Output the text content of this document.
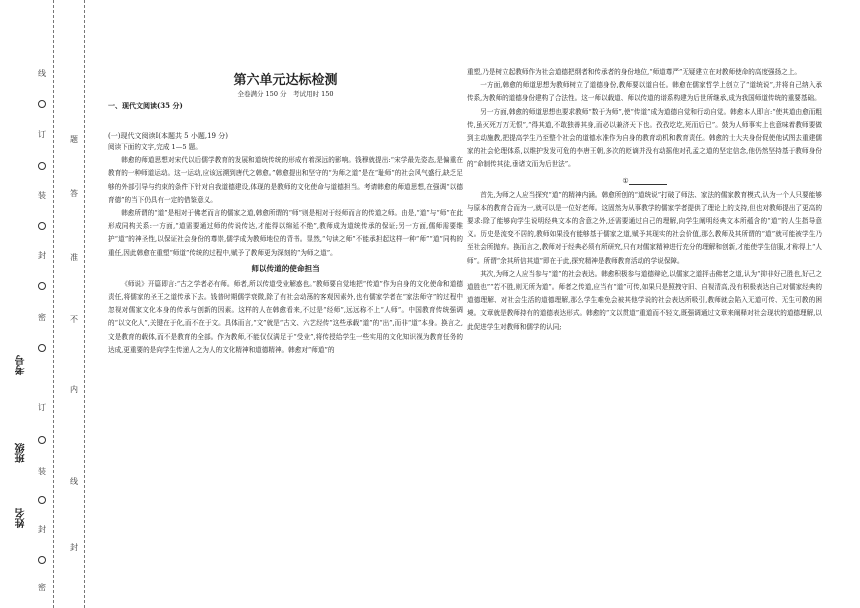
线
订
装
封
密
订
装
封
密
题
答
准
不
内
线
封
考号
班级
姓名
第六单元达标检测
全卷满分 150 分　考试用时 150
一、现代文阅读(35 分)
(一)现代文阅读Ⅰ(本题共 5 小题,19 分)

阅读下面的文字,完成 1—5 题。

韩愈的师道思想对宋代以后儒学教育的发展和道统传统的形成有着深远的影响。钱穆就提出:“宋学最先姿态,是偏重在教育的一种师道运动。这一运动,应该远溯到唐代之韩愈。”韩愈提出和坚守的“为师之道”是在“耻师”的社会风气盛行,缺乏足够的外部引导与约束的条件下针对自我道德建设,体现的是教师的文化使命与道德担当。考请韩愈的师道思想,在强调“以德育德”的当下仍具有一定的借鉴意义。

韩愈所谓的“道”是相对于佛老而言的儒家之道,韩愈所谓的“师”则是相对于经师而言的传道之师。由是,“道”与“师”在此形成同构关系:一方面,“道需要通过师的传说传达,才能得以绵延不绝”,教师成为道统传承的保证;另一方面,儒师需要维护“道”的神圣性,以保证社会身份的尊崇,儒学成为教师地位的背书。显然,“句读之师”不能承担起这样一种“师”“道”同构的重任,因此韩愈在重塑“师道”传统的过程中,赋予了教师更为深刻的“为师之道”。

师以传道的使命担当

《师说》开篇即言:“古之学者必有师。师者,所以传道受业解惑也。”教师要自觉地把“传道”作为自身的文化使命和道德责任,将儒家的圣王之道传承下去。钱普时期儒学衰微,除了有社会动荡的客观因素外,也有儒家学者在“家法师守”的过程中忽视对儒家文化本身的传承与创新的因素。这样的人在韩愈看来,不过是“经师”,远远称不上“人师”。中国教育传统强调的“以文化人”,关键在于化,而不在于文。具体而言,“文”就是“古文、六艺经传”这些承载“道”的“出”,而非“道”本身。换言之,文是教育的载体,而不是教育的全部。作为教师,不能仅仅满足于“受业”,将传授给学生一些实用的文化知识视为教育任务的达成,更重要的是向学生传递人之为人的文化精神和道德精神。韩愈对“师道”的

重塑,乃是树立起教师作为社会道德把纲者和传承者的身份地位,“师道尊严”无疑建立在对教师使命的高度强扬之上。

一方面,韩愈的师道思想为教师树立了道德身份,教师要以道自任。韩愈在儒家哲学上创立了“道统说”,并将自己纳入承传系,为教师的道德身份建构了合法性。这一师以载道、师以传道的谱系构建为后世所继承,成为我国师道传统的重要基础。

另一方面,韩愈的师道思想也要求教师“数于为师”,使“传道”成为道德自觉和行动自觉。韩愈本人即言:“使其道由愈而粗传,虽灭死万万无恨”,“得其道,不敢独善其身,而必以兼济天下也。孜孜圪圪,死而后已”。鼓为人师事实上也意味着教师要做到主动施教,把提高学生乃至整个社会的道德水准作为自身的教育动机和教育责任。韩愈的士大夫身份促使他试图去重建儒家的社会伦理体系,以维护发发可危的李唐王朝,多次的贬谪并没有动摇他对孔孟之道的坚定信念,他仍然坚持基于教师身份的“命制传其徒,垂诸文而为后世法”。

①

首先,为师之人应当探究“道”的精神内涵。韩愈所创的“道统说”打破了师法、家法的儒家教育模式,认为一个人只要能够与原本的教育合而为一,就可以是一位好老师。这固然为从事教学的儒家学者提供了理论上的支持,但也对教师提出了更高的要求:除了能够向学生说明经典文本的含意之外,还需要通过自己的理解,向学生阐明经典文本所蕴含的“道”的人生指导意义。历史是流变不居的,教师如果没有能够基于儒家之道,赋予其现实的社会价值,那么教师及其所谓的“道”就可能被学生乃至社会所抛弃。换而言之,教师对于经典必须有所研究,只有对儒家精神进行充分的理解和创新,才能使学生信服,才称得上“人师”。所谓“余其所信其道”即在于此,探究精神是教师教育活动的学说保障。

其次,为师之人应当参与“道”的社会表达。韩愈积极参与道德辩论,以儒家之道抨击佛老之道,认为“抑非好己胜也,好己之道胜也”“若不胜,则无所为道”。师者之传道,应当有“道”可传,如果只是照拽守旧、自视清高,没有积极表达自己对儒家经典的道德理解、对社会生活的道德理解,那么学生难免会被其他学说的社会表达所吸引,教师就会陷入无道可传、无生可教的困境。文章就是教师持有的道德表达形式。韩愈的“文以贯道”重道而不轻文,既强调通过文章来阐释对社会现状的道德理解,以此促进学生对教师和儒学的认同;
